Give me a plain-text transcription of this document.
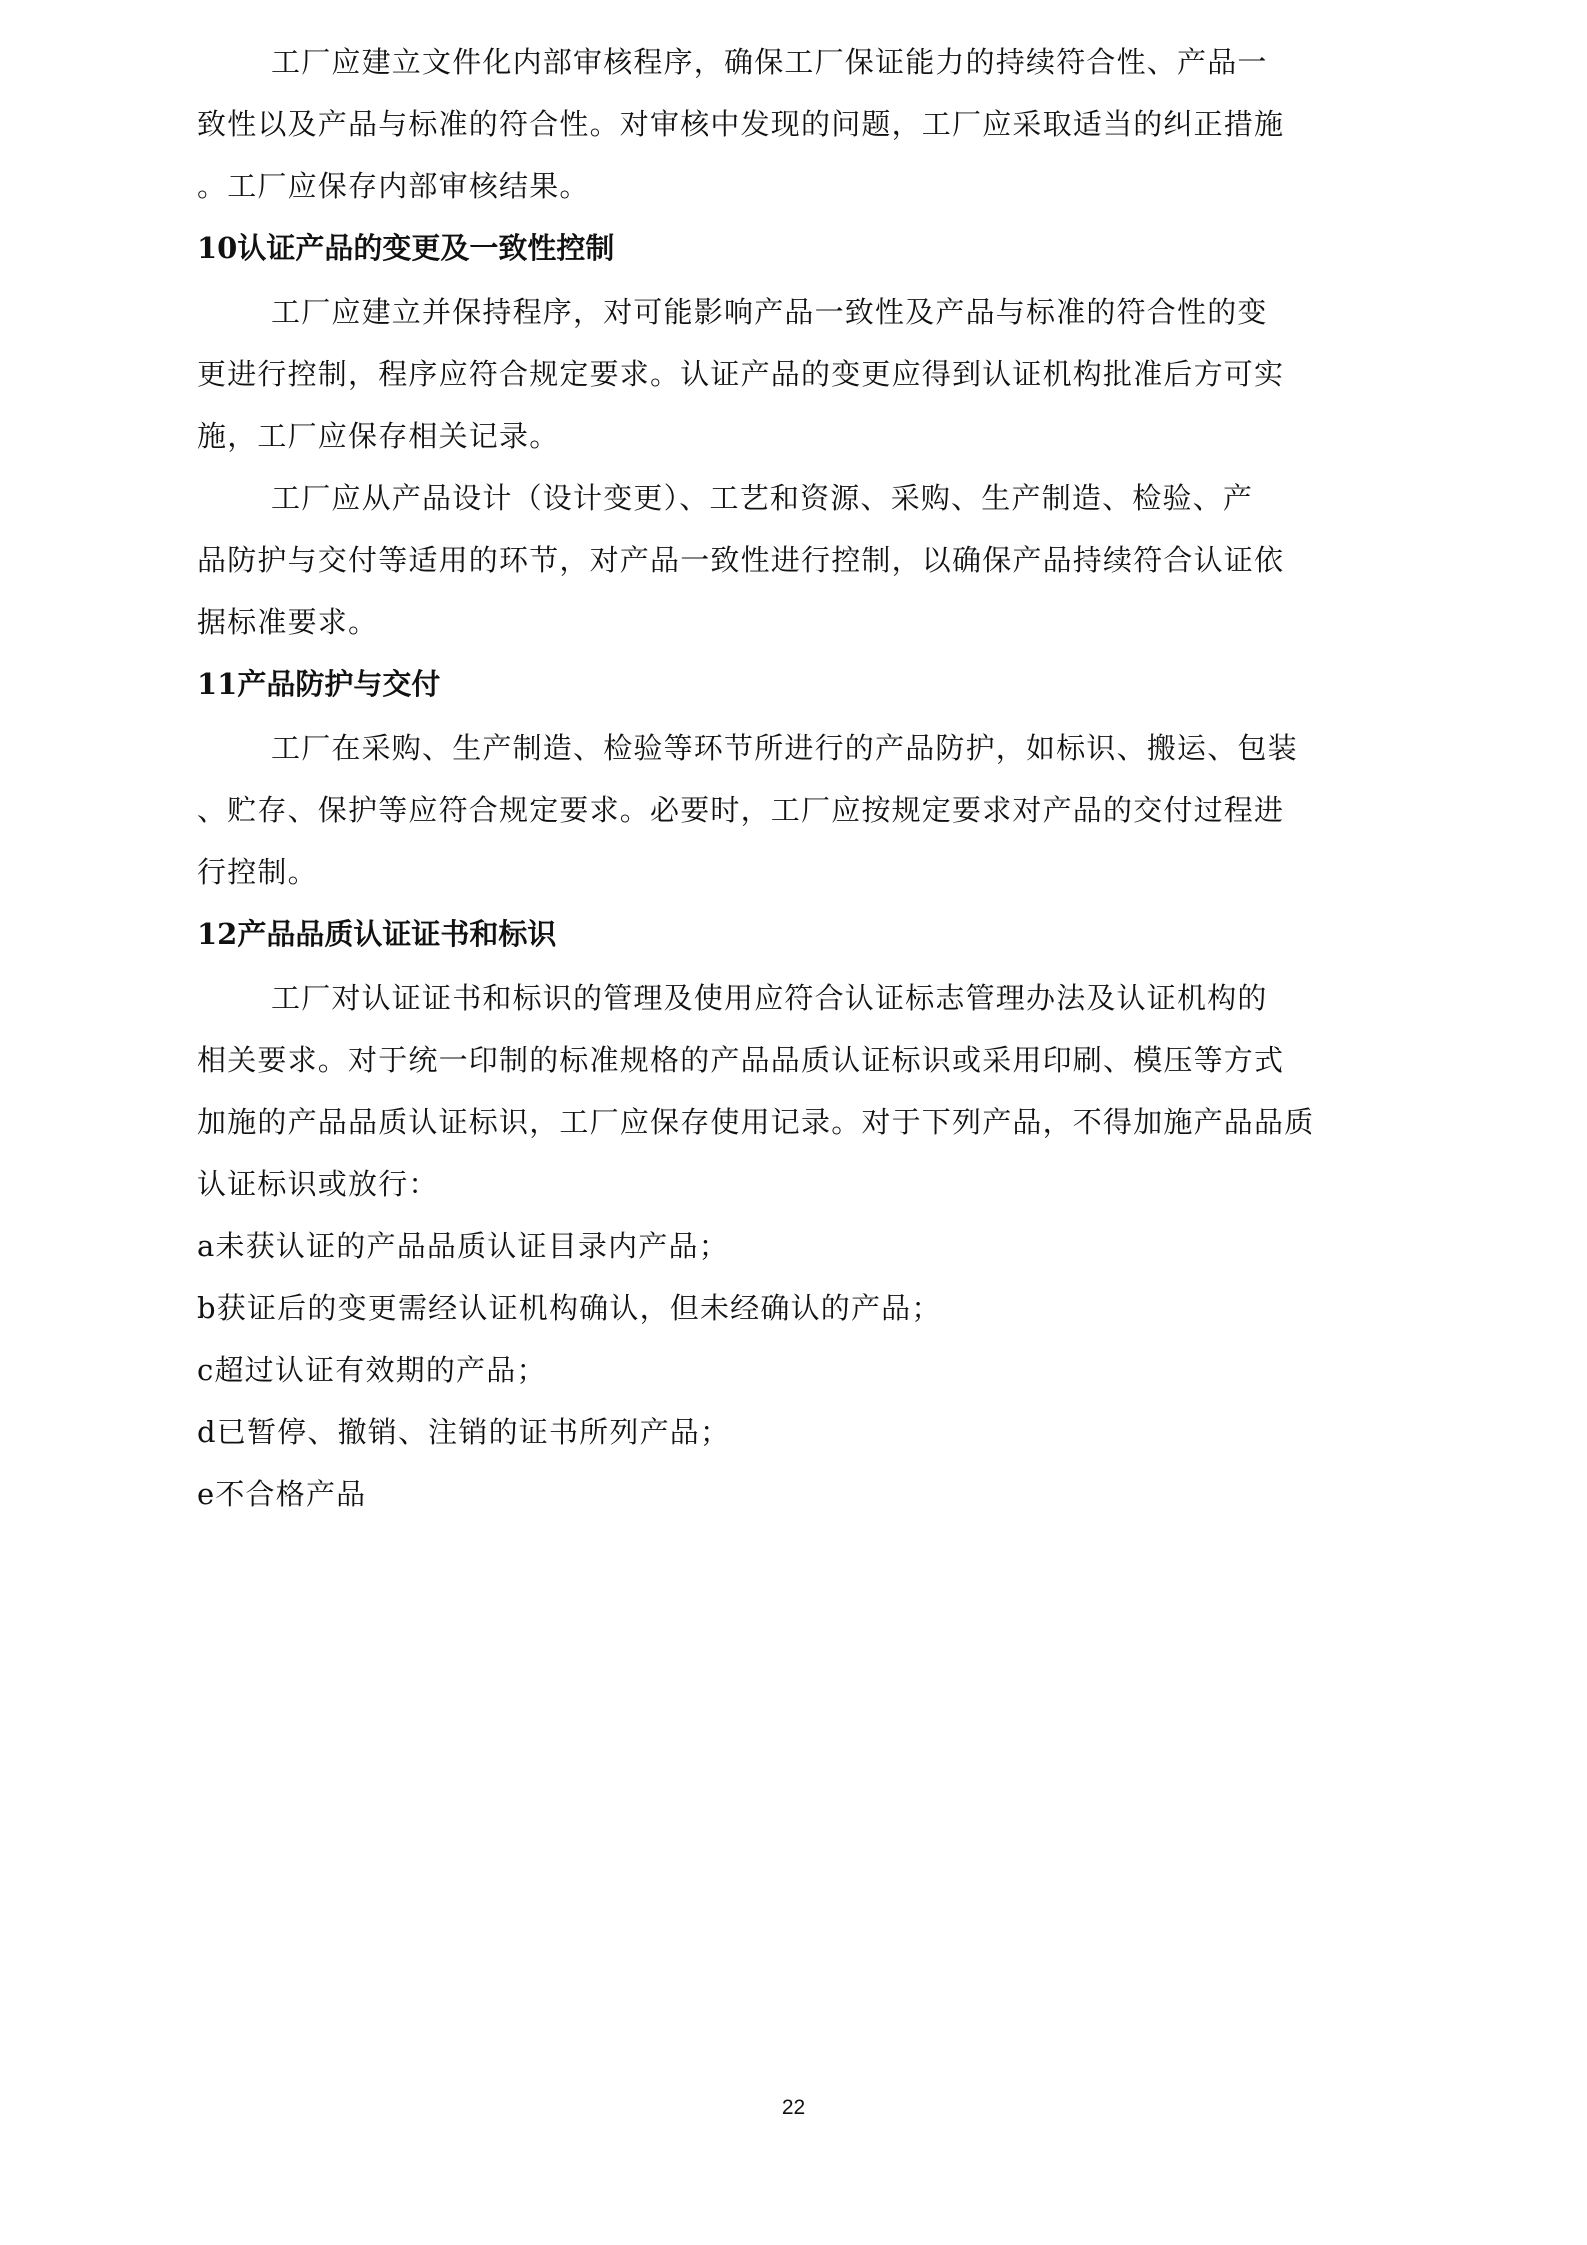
工厂应建立文件化内部审核程序，确保工厂保证能力的持续符合性、产品一
致性以及产品与标准的符合性。对审核中发现的问题，工厂应采取适当的纠正措施
。工厂应保存内部审核结果。
10认证产品的变更及一致性控制
工厂应建立并保持程序，对可能影响产品一致性及产品与标准的符合性的变
更进行控制，程序应符合规定要求。认证产品的变更应得到认证机构批准后方可实
施，工厂应保存相关记录。
工厂应从产品设计（设计变更）、工艺和资源、采购、生产制造、检验、产
品防护与交付等适用的环节，对产品一致性进行控制，以确保产品持续符合认证依
据标准要求。
11产品防护与交付
工厂在采购、生产制造、检验等环节所进行的产品防护，如标识、搬运、包装
、贮存、保护等应符合规定要求。必要时，工厂应按规定要求对产品的交付过程进
行控制。
12产品品质认证证书和标识
工厂对认证证书和标识的管理及使用应符合认证标志管理办法及认证机构的
相关要求。对于统一印制的标准规格的产品品质认证标识或采用印刷、模压等方式
加施的产品品质认证标识，工厂应保存使用记录。对于下列产品，不得加施产品品质
认证标识或放行：
a未获认证的产品品质认证目录内产品；
b获证后的变更需经认证机构确认，但未经确认的产品；
c超过认证有效期的产品；
d已暂停、撤销、注销的证书所列产品；
e不合格产品
22
